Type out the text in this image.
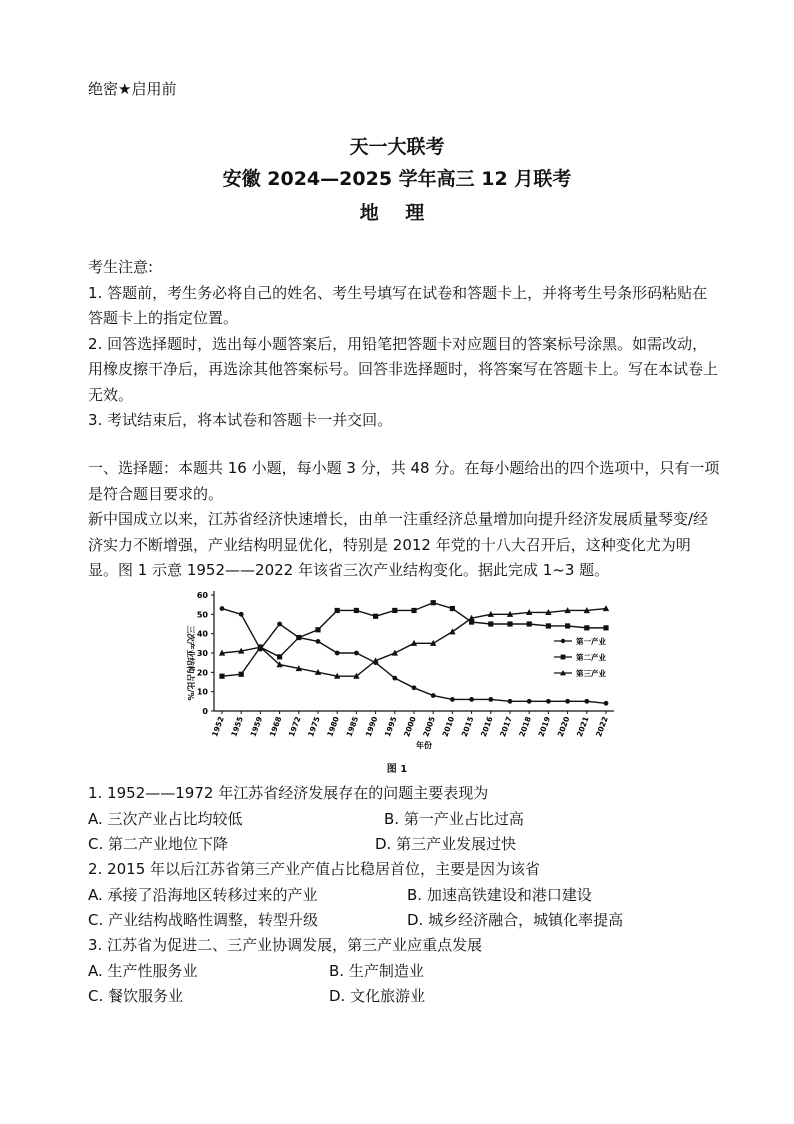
绝密★启用前
天一大联考
安徽 2024—2025 学年高三 12 月联考
地 理
考生注意:
1. 答题前，考生务必将自己的姓名、考生号填写在试卷和答题卡上，并将考生号条形码粘贴在答题卡上的指定位置。
2. 回答选择题时，选出每小题答案后，用铅笔把答题卡对应题目的答案标号涂黑。如需改动，用橡皮擦干净后，再选涂其他答案标号。回答非选择题时，将答案写在答题卡上。写在本试卷上无效。
3. 考试结束后，将本试卷和答题卡一并交回。
一、选择题：本题共 16 小题，每小题 3 分，共 48 分。在每小题给出的四个选项中，只有一项是符合题目要求的。
新中国成立以来，江苏省经济快速增长，由单一注重经济总量增加向提升经济发展质量琴变/经济实力不断增强，产业结构明显优化，特别是 2012 年党的十八大召开后，这种变化尤为明显。图 1 示意 1952——2022 年该省三次产业结构变化。据此完成 1~3 题。
0
10
20
30
40
50
60
1952 1955 1959 1968 1972 1975 1980 1985 1990 1995 2000 2005 2010 2015 2016 2017 2018 2019 2020 2021 2022
第一产业
第二产业
第三产业
三次产业结构占比/%
年份
图 1
1. 1952——1972 年江苏省经济发展存在的问题主要表现为
A. 三次产业占比均较低	B. 第一产业占比过高
C. 第二产业地位下降	D. 第三产业发展过快
2. 2015 年以后江苏省第三产业产值占比稳居首位，主要是因为该省
A. 承接了沿海地区转移过来的产业	B. 加速高铁建设和港口建设
C. 产业结构战略性调整，转型升级	D. 城乡经济融合，城镇化率提高
3. 江苏省为促进二、三产业协调发展，第三产业应重点发展
A. 生产性服务业	B. 生产制造业
C. 餐饮服务业	D. 文化旅游业
